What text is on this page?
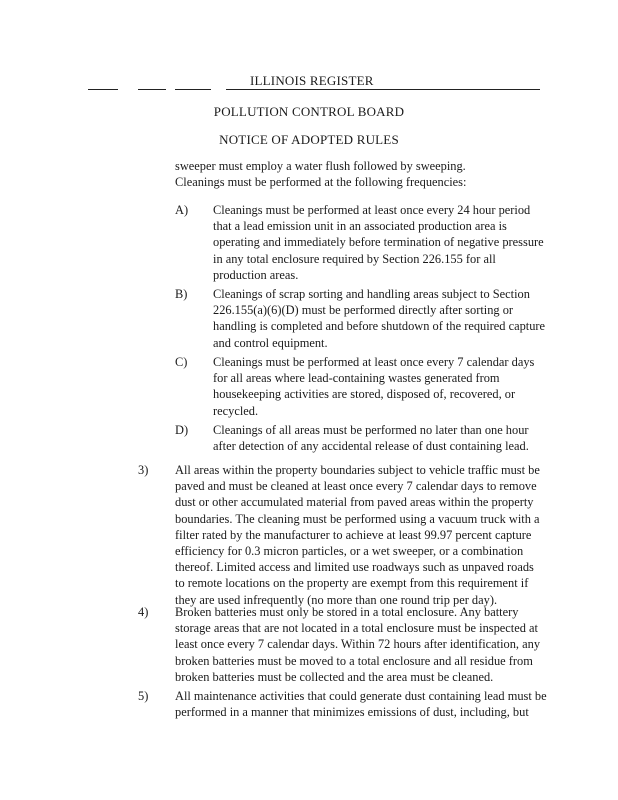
ILLINOIS REGISTER
POLLUTION CONTROL BOARD
NOTICE OF ADOPTED RULES
sweeper must employ a water flush followed by sweeping. Cleanings must be performed at the following frequencies:
A) Cleanings must be performed at least once every 24 hour period that a lead emission unit in an associated production area is operating and immediately before termination of negative pressure in any total enclosure required by Section 226.155 for all production areas.
B) Cleanings of scrap sorting and handling areas subject to Section 226.155(a)(6)(D) must be performed directly after sorting or handling is completed and before shutdown of the required capture and control equipment.
C) Cleanings must be performed at least once every 7 calendar days for all areas where lead-containing wastes generated from housekeeping activities are stored, disposed of, recovered, or recycled.
D) Cleanings of all areas must be performed no later than one hour after detection of any accidental release of dust containing lead.
3) All areas within the property boundaries subject to vehicle traffic must be paved and must be cleaned at least once every 7 calendar days to remove dust or other accumulated material from paved areas within the property boundaries. The cleaning must be performed using a vacuum truck with a filter rated by the manufacturer to achieve at least 99.97 percent capture efficiency for 0.3 micron particles, or a wet sweeper, or a combination thereof. Limited access and limited use roadways such as unpaved roads to remote locations on the property are exempt from this requirement if they are used infrequently (no more than one round trip per day).
4) Broken batteries must only be stored in a total enclosure. Any battery storage areas that are not located in a total enclosure must be inspected at least once every 7 calendar days. Within 72 hours after identification, any broken batteries must be moved to a total enclosure and all residue from broken batteries must be collected and the area must be cleaned.
5) All maintenance activities that could generate dust containing lead must be performed in a manner that minimizes emissions of dust, including, but
